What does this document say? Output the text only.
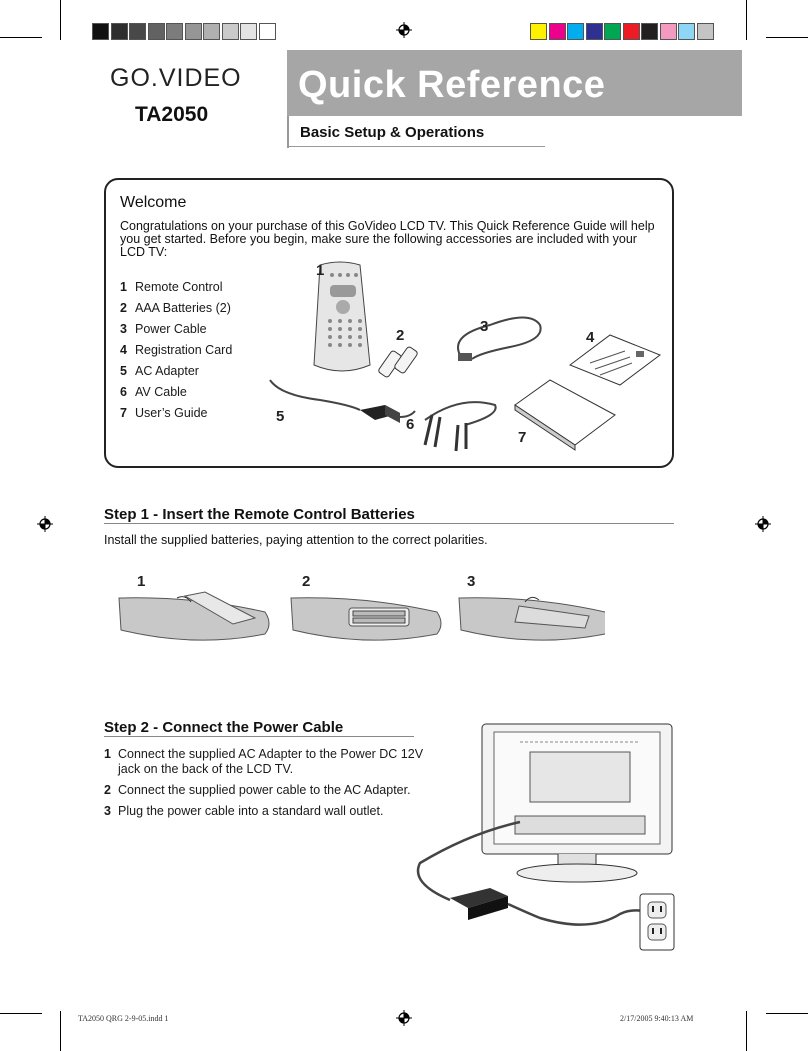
GO.VIDEO
TA2050
Quick Reference
Basic Setup & Operations
Welcome
Congratulations on your purchase of this GoVideo LCD TV. This Quick Reference Guide will help you get started. Before you begin, make sure the following accessories are included with your LCD TV:
1 Remote Control
2 AAA Batteries (2)
3 Power Cable
4 Registration Card
5 AC Adapter
6 AV Cable
7 User’s Guide
1
2
3
4
5	6
7
Step 1 - Insert the Remote Control Batteries
Install the supplied batteries, paying attention to the correct polarities.
1	2	3
Step 2 - Connect the Power Cable
1 Connect the supplied AC Adapter to the Power DC 12V jack on the back of the LCD TV.
2 Connect the supplied power cable to the AC Adapter.
3 Plug the power cable into a standard wall outlet.
TA2050 QRG 2-9-05.indd 1	2/17/2005 9:40:13 AM
